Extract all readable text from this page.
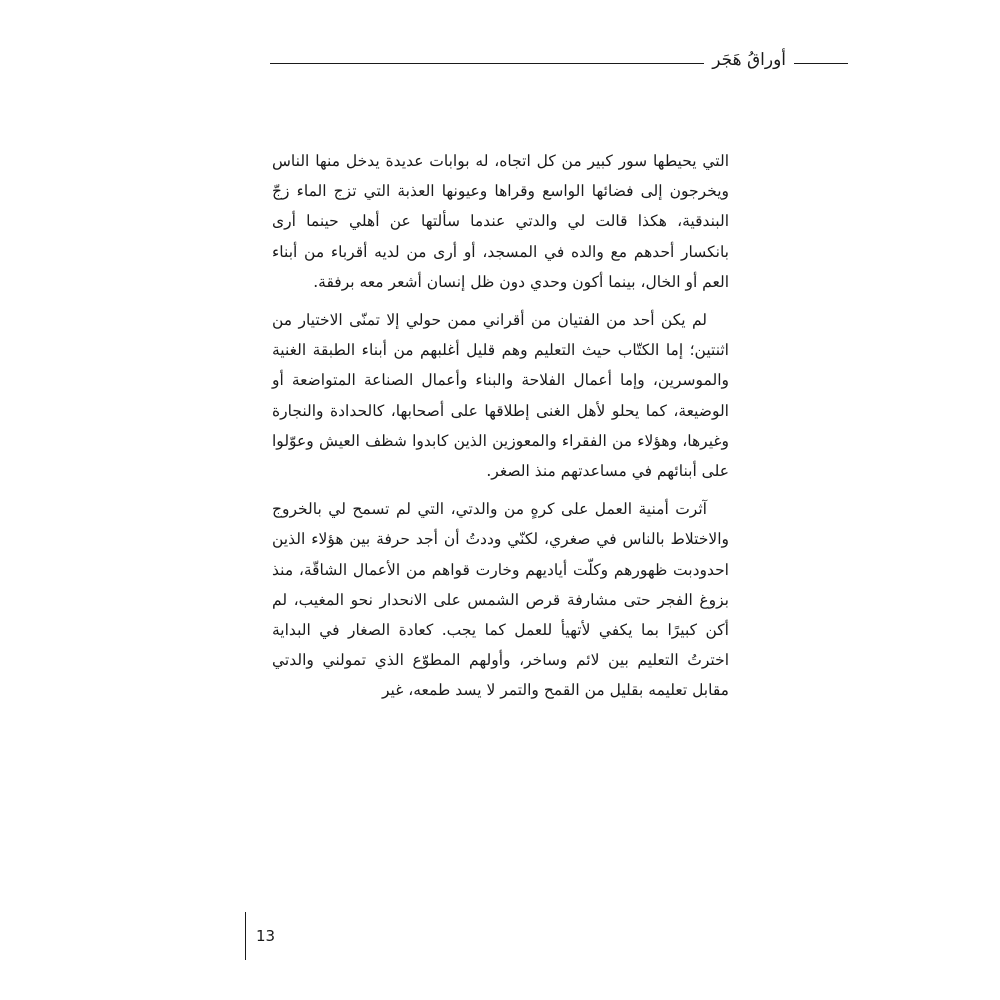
أوراقُ هَجَر

التي يحيطها سور كبير من كل اتجاه، له بوابات عديدة يدخل منها الناس ويخرجون إلى فضائها الواسع وقراها وعيونها العذبة التي تزج الماء زجّ البندقية، هكذا قالت لي والدتي عندما سألتها عن أهلي حينما أرى بانكسار أحدهم مع والده في المسجد، أو أرى من لديه أقرباء من أبناء العم أو الخال، بينما أكون وحدي دون ظل إنسان أشعر معه برفقة.

لم يكن أحد من الفتيان من أقراني ممن حولي إلا تمنّى الاختيار من اثنتين؛ إما الكتّاب حيث التعليم وهم قليل أغلبهم من أبناء الطبقة الغنية والموسرين، وإما أعمال الفلاحة والبناء وأعمال الصناعة المتواضعة أو الوضيعة، كما يحلو لأهل الغنى إطلاقها على أصحابها، كالحدادة والنجارة وغيرها، وهؤلاء من الفقراء والمعوزين الذين كابدوا شظف العيش وعوّلوا على أبنائهم في مساعدتهم منذ الصغر.

آثرت أمنية العمل على كرهٍ من والدتي، التي لم تسمح لي بالخروج والاختلاط بالناس في صغري، لكنّي وددتُ أن أجد حرفة بين هؤلاء الذين احدودبت ظهورهم وكلّت أياديهم وخارت قواهم من الأعمال الشاقّة، منذ بزوغ الفجر حتى مشارفة قرص الشمس على الانحدار نحو المغيب، لم أكن كبيرًا بما يكفي لأتهيأ للعمل كما يجب. كعادة الصغار في البداية اخترتُ التعليم بين لائم وساخر، وأولهم المطوّع الذي تمولني والدتي مقابل تعليمه بقليل من القمح والتمر لا يسد طمعه، غير

13
